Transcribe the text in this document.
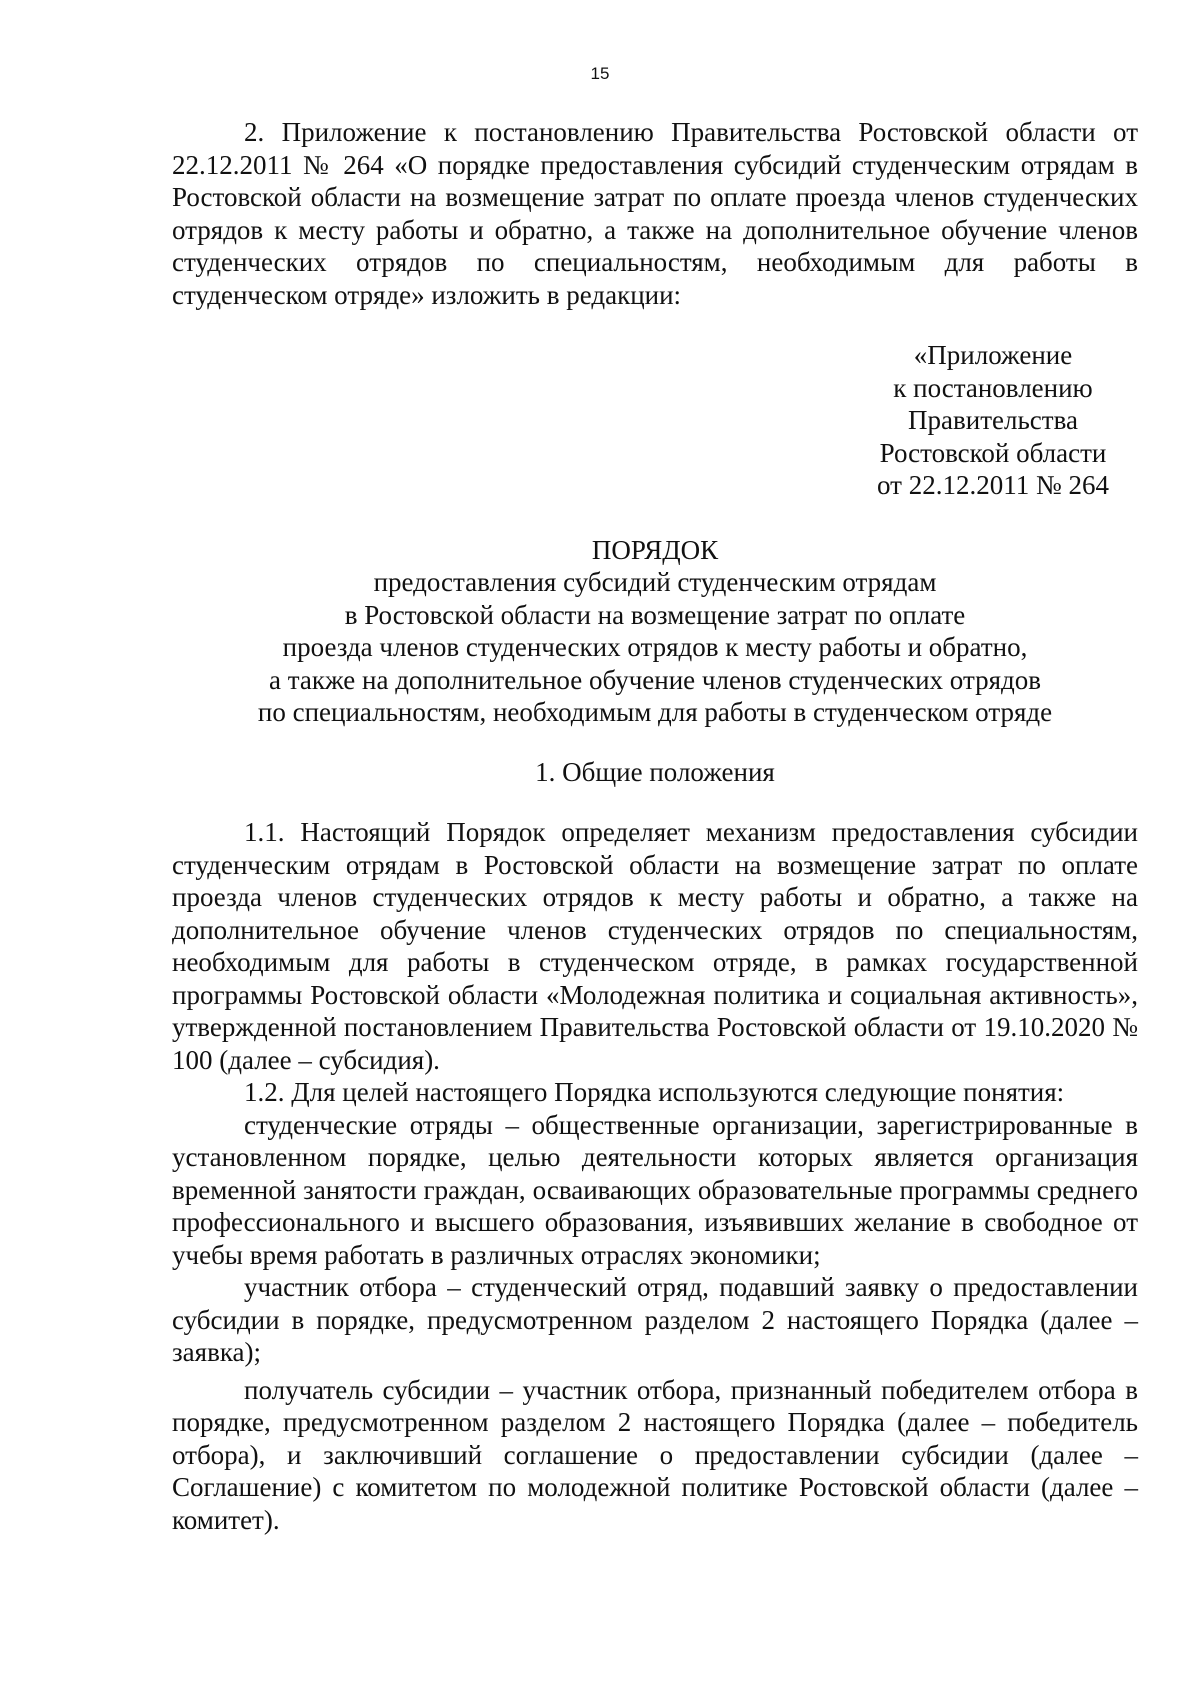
15

2. Приложение к постановлению Правительства Ростовской области от 22.12.2011 № 264 «О порядке предоставления субсидий студенческим отрядам в Ростовской области на возмещение затрат по оплате проезда членов студенческих отрядов к месту работы и обратно, а также на дополнительное обучение членов студенческих отрядов по специальностям, необходимым для работы в студенческом отряде» изложить в редакции:

«Приложение
к постановлению
Правительства
Ростовской области
от 22.12.2011 № 264
ПОРЯДОК
предоставления субсидий студенческим отрядам
в Ростовской области на возмещение затрат по оплате
проезда членов студенческих отрядов к месту работы и обратно,
а также на дополнительное обучение членов студенческих отрядов
по специальностям, необходимым для работы в студенческом отряде
1. Общие положения

1.1. Настоящий Порядок определяет механизм предоставления субсидии студенческим отрядам в Ростовской области на возмещение затрат по оплате проезда членов студенческих отрядов к месту работы и обратно, а также на дополнительное обучение членов студенческих отрядов по специальностям, необходимым для работы в студенческом отряде, в рамках государственной программы Ростовской области «Молодежная политика и социальная активность», утвержденной постановлением Правительства Ростовской области от 19.10.2020 № 100 (далее – субсидия).

1.2. Для целей настоящего Порядка используются следующие понятия:

студенческие отряды – общественные организации, зарегистрированные в установленном порядке, целью деятельности которых является организация временной занятости граждан, осваивающих образовательные программы среднего профессионального и высшего образования, изъявивших желание в свободное от учебы время работать в различных отраслях экономики;

участник отбора – студенческий отряд, подавший заявку о предоставлении субсидии в порядке, предусмотренном разделом 2 настоящего Порядка (далее – заявка);

получатель субсидии – участник отбора, признанный победителем отбора в порядке, предусмотренном разделом 2 настоящего Порядка (далее – победитель отбора), и заключивший соглашение о предоставлении субсидии (далее – Соглашение) с комитетом по молодежной политике Ростовской области (далее – комитет).
